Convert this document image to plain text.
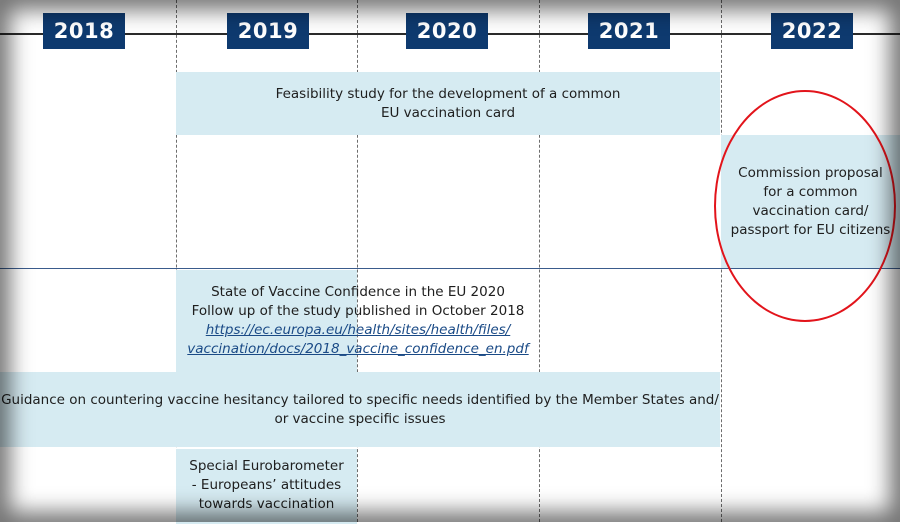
2018	2019	2020	2021	2022
Feasibility study for the development of a common
EU vaccination card
Commission proposal
for a common
vaccination card/
passport for EU citizens
State of Vaccine Confidence in the EU 2020
Follow up of the study published in October 2018
https://ec.europa.eu/health/sites/health/files/
vaccination/docs/2018_vaccine_confidence_en.pdf
Guidance on countering vaccine hesitancy tailored to specific needs identified by the Member States and/
or vaccine specific issues
Special Eurobarometer
- Europeans’ attitudes
towards vaccination
